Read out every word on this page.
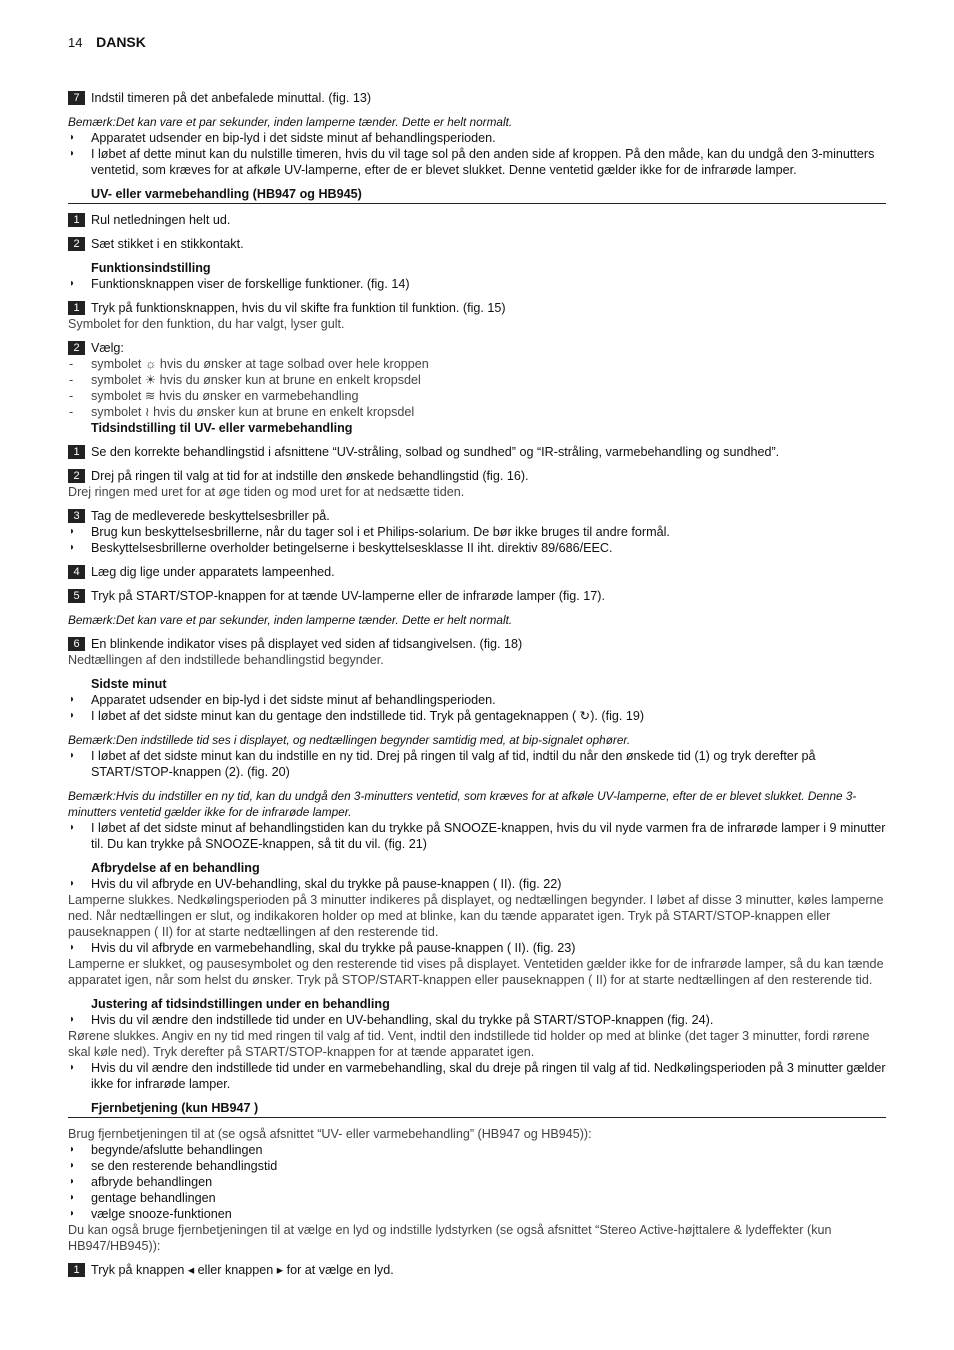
14 DANSK
7 Indstil timeren på det anbefalede minuttal. (fig. 13)
Bemærk:Det kan vare et par sekunder, inden lamperne tænder. Dette er helt normalt.
◗ Apparatet udsender en bip-lyd i det sidste minut af behandlingsperioden.
◗ I løbet af dette minut kan du nulstille timeren, hvis du vil tage sol på den anden side af kroppen. På den måde, kan du undgå den 3-minutters ventetid, som kræves for at afkøle UV-lamperne, efter de er blevet slukket. Denne ventetid gælder ikke for de infrarøde lamper.
UV- eller varmebehandling (HB947 og HB945)
1 Rul netledningen helt ud.
2 Sæt stikket i en stikkontakt.
Funktionsindstilling
◗ Funktionsknappen viser de forskellige funktioner. (fig. 14)
1 Tryk på funktionsknappen, hvis du vil skifte fra funktion til funktion. (fig. 15)
Symbolet for den funktion, du har valgt, lyser gult.
2 Vælg:
- symbolet ☼ hvis du ønsker at tage solbad over hele kroppen
- symbolet ☀ hvis du ønsker kun at brune en enkelt kropsdel
- symbolet ≋ hvis du ønsker en varmebehandling
- symbolet ≀ hvis du ønsker kun at brune en enkelt kropsdel
Tidsindstilling til UV- eller varmebehandling
1 Se den korrekte behandlingstid i afsnittene “UV-stråling, solbad og sundhed” og “IR-stråling, varmebehandling og sundhed”.
2 Drej på ringen til valg at tid for at indstille den ønskede behandlingstid (fig. 16).
Drej ringen med uret for at øge tiden og mod uret for at nedsætte tiden.
3 Tag de medleverede beskyttelsesbriller på.
◗ Brug kun beskyttelsesbrillerne, når du tager sol i et Philips-solarium. De bør ikke bruges til andre formål.
◗ Beskyttelsesbrillerne overholder betingelserne i beskyttelsesklasse II iht. direktiv 89/686/EEC.
4 Læg dig lige under apparatets lampeenhed.
5 Tryk på START/STOP-knappen for at tænde UV-lamperne eller de infrarøde lamper (fig. 17).
Bemærk:Det kan vare et par sekunder, inden lamperne tænder. Dette er helt normalt.
6 En blinkende indikator vises på displayet ved siden af tidsangivelsen. (fig. 18)
Nedtællingen af den indstillede behandlingstid begynder.
Sidste minut
◗ Apparatet udsender en bip-lyd i det sidste minut af behandlingsperioden.
◗ I løbet af det sidste minut kan du gentage den indstillede tid. Tryk på gentageknappen ( ↻). (fig. 19)
Bemærk:Den indstillede tid ses i displayet, og nedtællingen begynder samtidig med, at bip-signalet ophører.
◗ I løbet af det sidste minut kan du indstille en ny tid. Drej på ringen til valg af tid, indtil du når den ønskede tid (1) og tryk derefter på START/STOP-knappen (2). (fig. 20)
Bemærk:Hvis du indstiller en ny tid, kan du undgå den 3-minutters ventetid, som kræves for at afkøle UV-lamperne, efter de er blevet slukket. Denne 3-minutters ventetid gælder ikke for de infrarøde lamper.
◗ I løbet af det sidste minut af behandlingstiden kan du trykke på SNOOZE-knappen, hvis du vil nyde varmen fra de infrarøde lamper i 9 minutter til. Du kan trykke på SNOOZE-knappen, så tit du vil. (fig. 21)
Afbrydelse af en behandling
◗ Hvis du vil afbryde en UV-behandling, skal du trykke på pause-knappen ( II). (fig. 22)
Lamperne slukkes. Nedkølingsperioden på 3 minutter indikeres på displayet, og nedtællingen begynder. I løbet af disse 3 minutter, køles lamperne ned. Når nedtællingen er slut, og indikakoren holder op med at blinke, kan du tænde apparatet igen. Tryk på START/STOP-knappen eller pauseknappen ( II) for at starte nedtællingen af den resterende tid.
◗ Hvis du vil afbryde en varmebehandling, skal du trykke på pause-knappen ( II). (fig. 23)
Lamperne er slukket, og pausesymbolet og den resterende tid vises på displayet. Ventetiden gælder ikke for de infrarøde lamper, så du kan tænde apparatet igen, når som helst du ønsker. Tryk på STOP/START-knappen eller pauseknappen ( II) for at starte nedtællingen af den resterende tid.
Justering af tidsindstillingen under en behandling
◗ Hvis du vil ændre den indstillede tid under en UV-behandling, skal du trykke på START/STOP-knappen (fig. 24).
Rørene slukkes. Angiv en ny tid med ringen til valg af tid. Vent, indtil den indstillede tid holder op med at blinke (det tager 3 minutter, fordi rørene skal køle ned). Tryk derefter på START/STOP-knappen for at tænde apparatet igen.
◗ Hvis du vil ændre den indstillede tid under en varmebehandling, skal du dreje på ringen til valg af tid. Nedkølingsperioden på 3 minutter gælder ikke for infrarøde lamper.
Fjernbetjening (kun HB947 )
Brug fjernbetjeningen til at (se også afsnittet “UV- eller varmebehandling” (HB947 og HB945)):
◗ begynde/afslutte behandlingen
◗ se den resterende behandlingstid
◗ afbryde behandlingen
◗ gentage behandlingen
◗ vælge snooze-funktionen
Du kan også bruge fjernbetjeningen til at vælge en lyd og indstille lydstyrken (se også afsnittet “Stereo Active-højttalere & lydeffekter (kun HB947/HB945)):
1 Tryk på knappen ◂ eller knappen ▸ for at vælge en lyd.
